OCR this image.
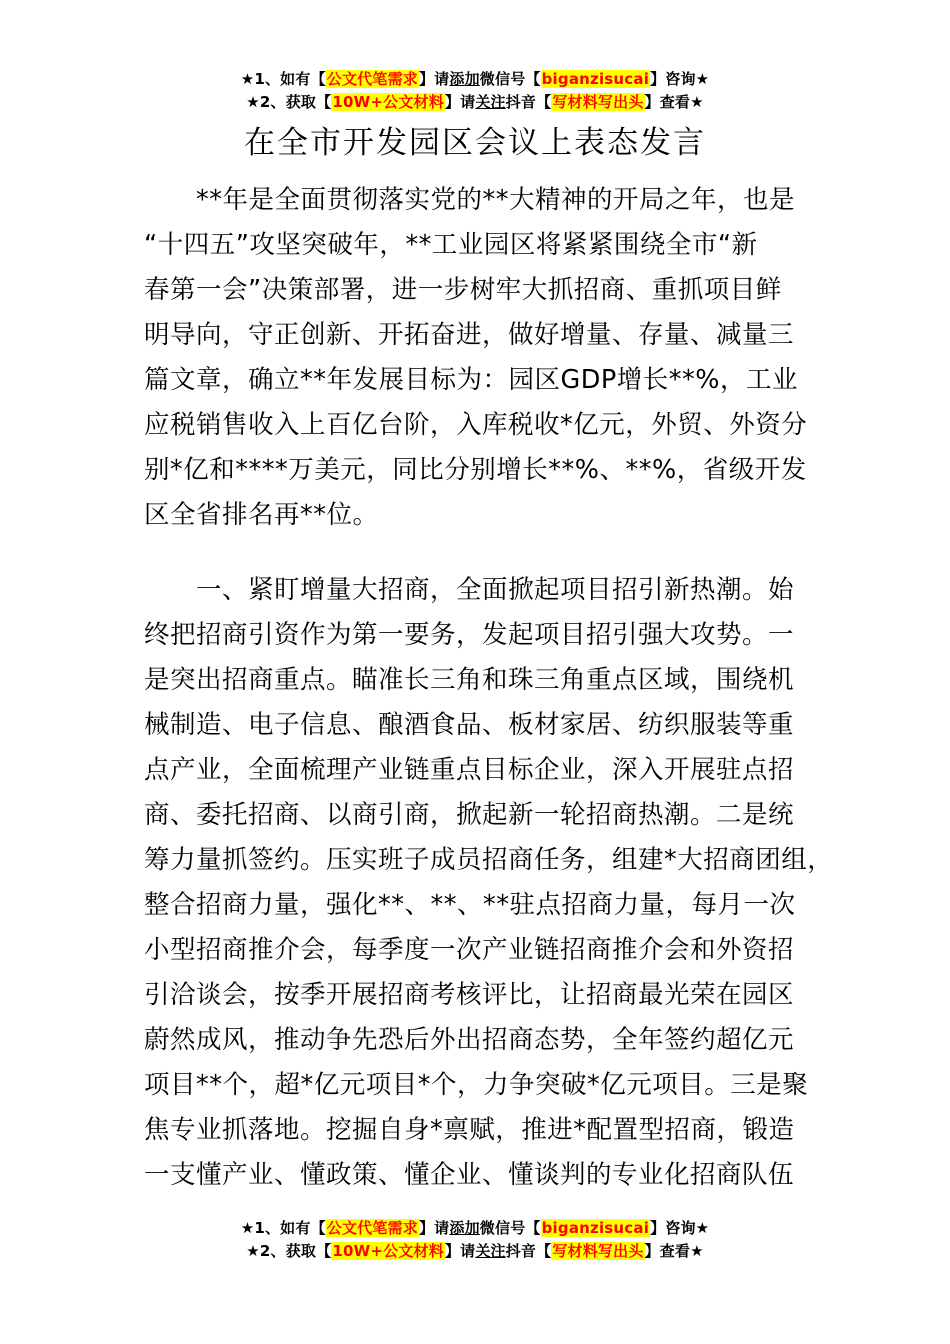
★1、如有【公文代笔需求】请添加微信号【biganzisucai】咨询★
★2、获取【10W+公文材料】请关注抖音【写材料写出头】查看★
在全市开发园区会议上表态发言
　　**年是全面贯彻落实党的**大精神的开局之年，也是
“十四五”攻坚突破年，**工业园区将紧紧围绕全市“新
春第一会”决策部署，进一步树牢大抓招商、重抓项目鲜
明导向，守正创新、开拓奋进，做好增量、存量、减量三
篇文章，确立**年发展目标为：园区GDP增长**%，工业
应税销售收入上百亿台阶，入库税收*亿元，外贸、外资分
别*亿和****万美元，同比分别增长**%、**%，省级开发
区全省排名再**位。
　　一、紧盯增量大招商，全面掀起项目招引新热潮。始
终把招商引资作为第一要务，发起项目招引强大攻势。一
是突出招商重点。瞄准长三角和珠三角重点区域，围绕机
械制造、电子信息、酿酒食品、板材家居、纺织服装等重
点产业，全面梳理产业链重点目标企业，深入开展驻点招
商、委托招商、以商引商，掀起新一轮招商热潮。二是统
筹力量抓签约。压实班子成员招商任务，组建*大招商团组，
整合招商力量，强化**、**、**驻点招商力量，每月一次
小型招商推介会，每季度一次产业链招商推介会和外资招
引洽谈会，按季开展招商考核评比，让招商最光荣在园区
蔚然成风，推动争先恐后外出招商态势，全年签约超亿元
项目**个，超*亿元项目*个，力争突破*亿元项目。三是聚
焦专业抓落地。挖掘自身*禀赋，推进*配置型招商，锻造
一支懂产业、懂政策、懂企业、懂谈判的专业化招商队伍
★1、如有【公文代笔需求】请添加微信号【biganzisucai】咨询★
★2、获取【10W+公文材料】请关注抖音【写材料写出头】查看★
